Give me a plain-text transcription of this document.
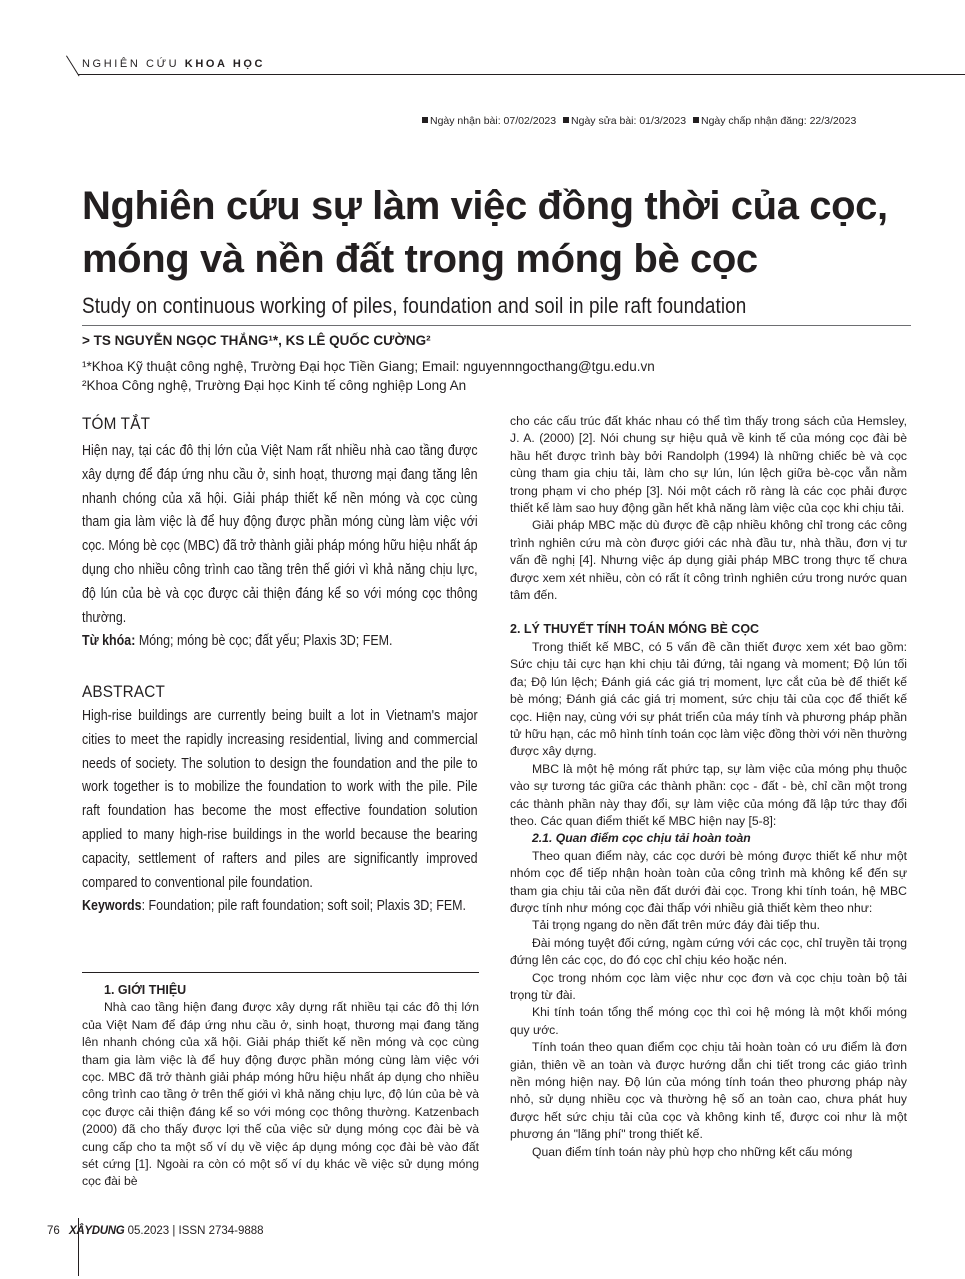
NGHIÊN CỨU KHOA HỌC
Ngày nhận bài: 07/02/2023 Ngày sửa bài: 01/3/2023 Ngày chấp nhận đăng: 22/3/2023
Nghiên cứu sự làm việc đồng thời của cọc,
móng và nền đất trong móng bè cọc
Study on continuous working of piles, foundation and soil in pile raft foundation
> TS NGUYỄN NGỌC THẮNG¹*, KS LÊ QUỐC CƯỜNG²
¹*Khoa Kỹ thuật công nghệ, Trường Đại học Tiền Giang; Email: nguyennngocthang@tgu.edu.vn
²Khoa Công nghệ, Trường Đại học Kinh tế công nghiệp Long An
TÓM TẮT
Hiện nay, tại các đô thị lớn của Việt Nam rất nhiều nhà cao tầng được xây dựng để đáp ứng nhu cầu ở, sinh hoạt, thương mại đang tăng lên nhanh chóng của xã hội. Giải pháp thiết kế nền móng và cọc cùng tham gia làm việc là để huy động được phần móng cùng làm việc với cọc. Móng bè cọc (MBC) đã trở thành giải pháp móng hữu hiệu nhất áp dụng cho nhiều công trình cao tầng trên thế giới vì khả năng chịu lực, độ lún của bè và cọc được cải thiện đáng kể so với móng cọc thông thường.
Từ khóa: Móng; móng bè cọc; đất yếu; Plaxis 3D; FEM.
ABSTRACT
High-rise buildings are currently being built a lot in Vietnam's major cities to meet the rapidly increasing residential, living and commercial needs of society. The solution to design the foundation and the pile to work together is to mobilize the foundation to work with the pile. Pile raft foundation has become the most effective foundation solution applied to many high-rise buildings in the world because the bearing capacity, settlement of rafters and piles are significantly improved compared to conventional pile foundation.
Keywords: Foundation; pile raft foundation; soft soil; Plaxis 3D; FEM.
1. GIỚI THIỆU

Nhà cao tầng hiện đang được xây dựng rất nhiều tại các đô thị lớn của Việt Nam để đáp ứng nhu cầu ở, sinh hoạt, thương mại đang tăng lên nhanh chóng của xã hội. Giải pháp thiết kế nền móng và cọc cùng tham gia làm việc là để huy động được phần móng cùng làm việc với cọc. MBC đã trở thành giải pháp móng hữu hiệu nhất áp dụng cho nhiều công trình cao tầng ở trên thế giới vì khả năng chịu lực, độ lún của bè và cọc được cải thiện đáng kể so với móng cọc thông thường. Katzenbach (2000) đã cho thấy được lợi thế của việc sử dụng móng cọc đài bè và cung cấp cho ta một số ví dụ về việc áp dụng móng cọc đài bè vào đất sét cứng [1]. Ngoài ra còn có một số ví dụ khác về việc sử dụng móng cọc đài bè

cho các cấu trúc đất khác nhau có thể tìm thấy trong sách của Hemsley, J. A. (2000) [2]. Nói chung sự hiệu quả về kinh tế của móng cọc đài bè hầu hết được trình bày bởi Randolph (1994) là những chiếc bè và cọc cùng tham gia chịu tải, làm cho sự lún, lún lệch giữa bè-cọc vẫn nằm trong phạm vi cho phép [3]. Nói một cách rõ ràng là các cọc phải được thiết kế làm sao huy động gần hết khả năng làm việc của cọc khi chịu tải.

Giải pháp MBC mặc dù được đề cập nhiều không chỉ trong các công trình nghiên cứu mà còn được giới các nhà đầu tư, nhà thầu, đơn vị tư vấn đề nghị [4]. Nhưng việc áp dụng giải pháp MBC trong thực tế chưa được xem xét nhiều, còn có rất ít công trình nghiên cứu trong nước quan tâm đến.

2. LÝ THUYẾT TÍNH TOÁN MÓNG BÈ CỌC

Trong thiết kế MBC, có 5 vấn đề cần thiết được xem xét bao gồm: Sức chịu tải cực hạn khi chịu tải đứng, tải ngang và moment; Độ lún tối đa; Độ lún lệch; Đánh giá các giá trị moment, lực cắt của bè để thiết kế bè móng; Đánh giá các giá trị moment, sức chịu tải của cọc để thiết kế cọc. Hiện nay, cùng với sự phát triển của máy tính và phương pháp phần tử hữu hạn, các mô hình tính toán cọc làm việc đồng thời với nền thường được xây dựng.

MBC là một hệ móng rất phức tạp, sự làm việc của móng phụ thuộc vào sự tương tác giữa các thành phần: cọc - đất - bè, chỉ cần một trong các thành phần này thay đổi, sự làm việc của móng đã lập tức thay đổi theo. Các quan điểm thiết kế MBC hiện nay [5-8]:

2.1. Quan điểm cọc chịu tải hoàn toàn

Theo quan điểm này, các cọc dưới bè móng được thiết kế như một nhóm cọc để tiếp nhận hoàn toàn của công trình mà không kể đến sự tham gia chịu tải của nền đất dưới đài cọc. Trong khi tính toán, hệ MBC được tính như móng cọc đài thấp với nhiều giả thiết kèm theo như:

Tải trọng ngang do nền đất trên mức đáy đài tiếp thu.

Đài móng tuyệt đối cứng, ngàm cứng với các cọc, chỉ truyền tải trọng đứng lên các cọc, do đó cọc chỉ chịu kéo hoặc nén.

Cọc trong nhóm cọc làm việc như cọc đơn và cọc chịu toàn bộ tải trọng từ đài.

Khi tính toán tổng thể móng cọc thì coi hệ móng là một khối móng quy ước.

Tính toán theo quan điểm cọc chịu tải hoàn toàn có ưu điểm là đơn giản, thiên về an toàn và được hướng dẫn chi tiết trong các giáo trình nền móng hiện nay. Độ lún của móng tính toán theo phương pháp này nhỏ, sử dụng nhiều cọc và thường hệ số an toàn cao, chưa phát huy được hết sức chịu tải của cọc và không kinh tế, được coi như là một phương án "lãng phí" trong thiết kế.

Quan điểm tính toán này phù hợp cho những kết cấu móng

76 XÂYDUNG 05.2023 | ISSN 2734-9888
